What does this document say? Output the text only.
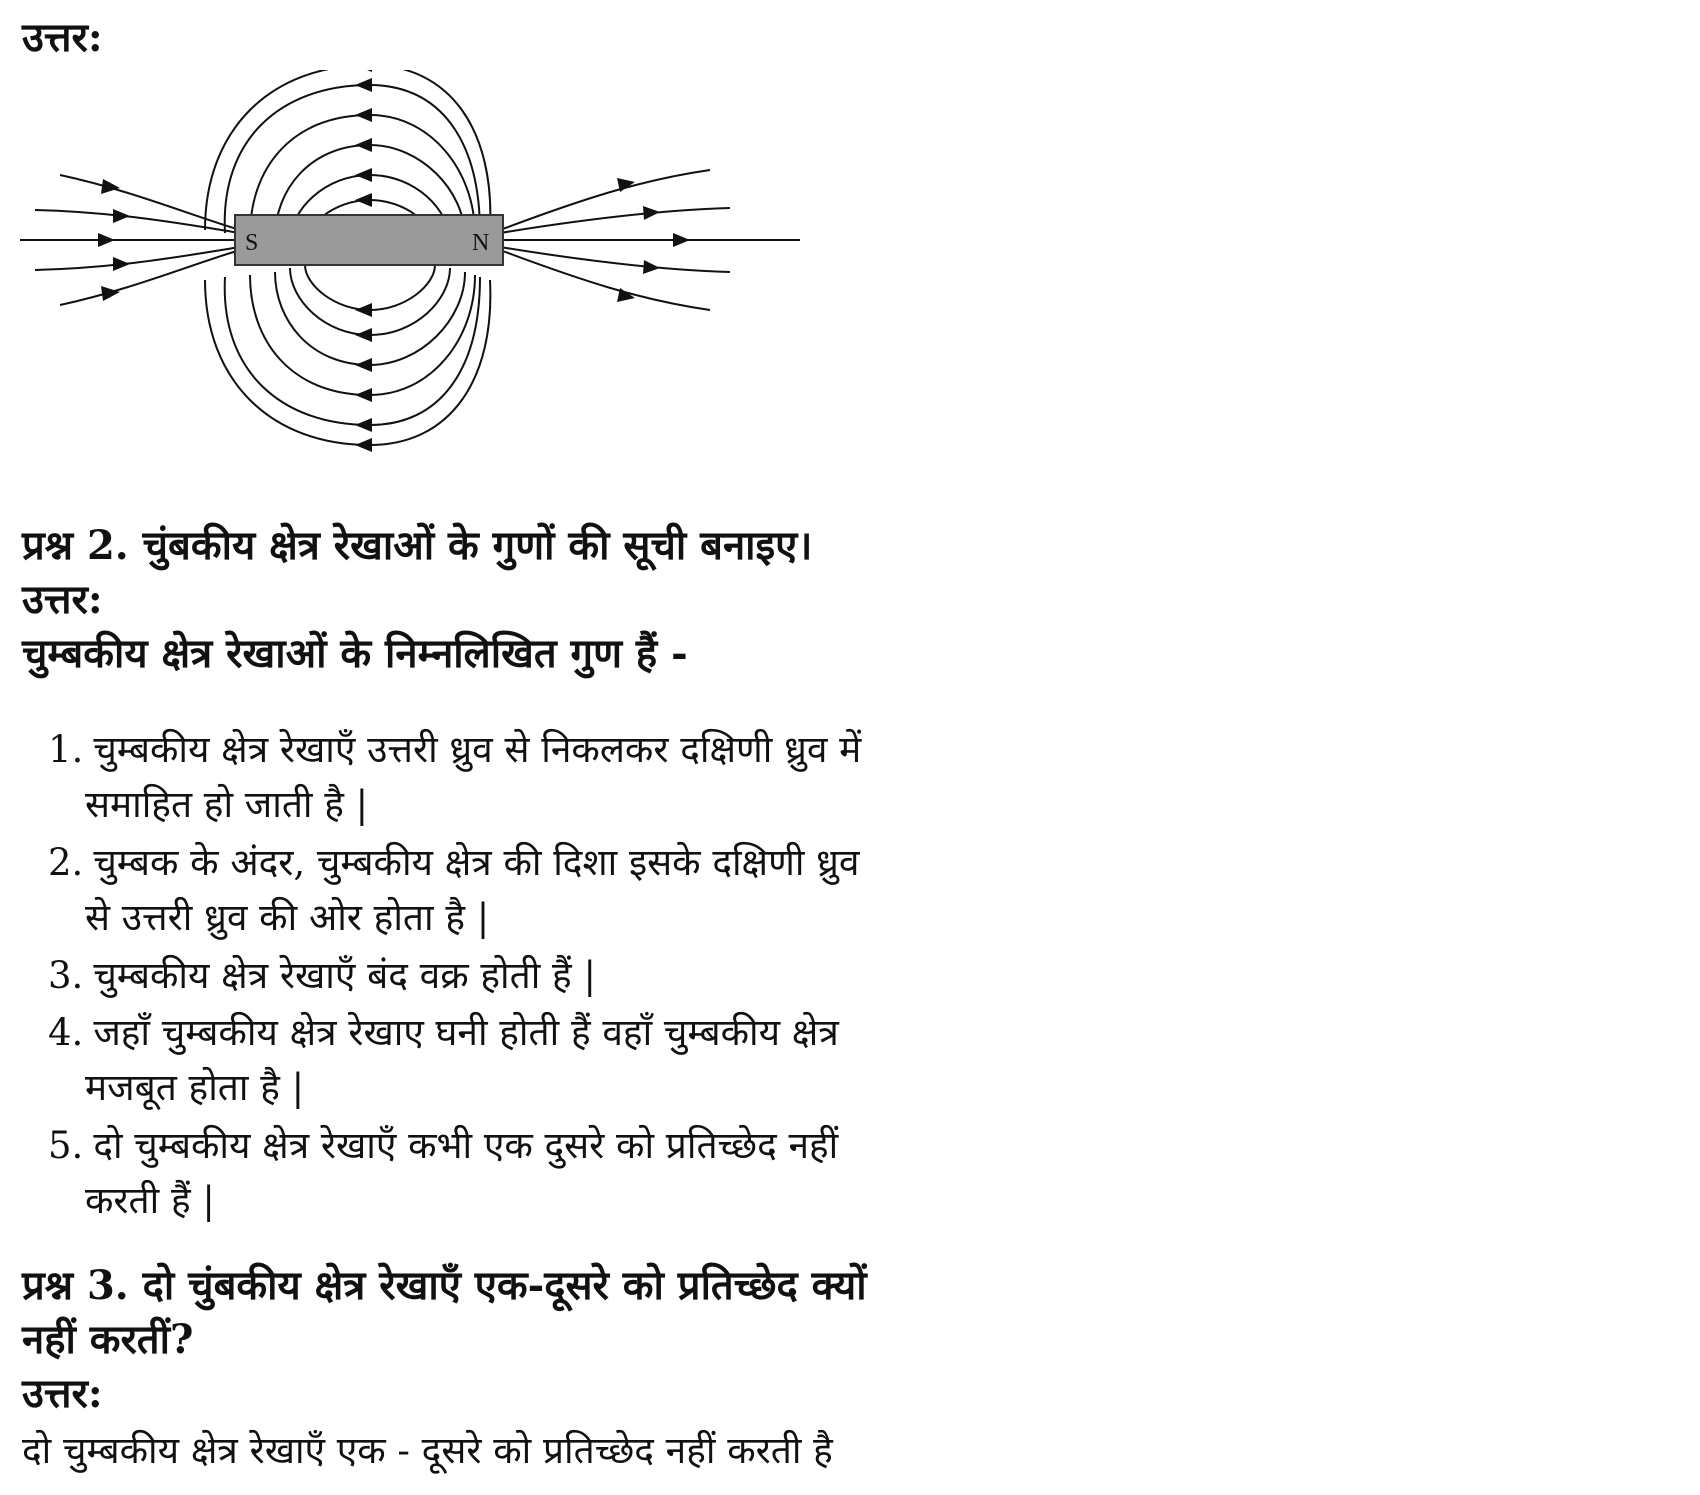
उत्तर:
S	N
प्रश्न 2. चुंबकीय क्षेत्र रेखाओं के गुणों की सूची बनाइए।
उत्तर:
चुम्बकीय क्षेत्र रेखाओं के निम्नलिखित गुण हैं -
1. चुम्बकीय क्षेत्र रेखाएँ उत्तरी ध्रुव से निकलकर दक्षिणी ध्रुव में
समाहित हो जाती है |
2. चुम्बक के अंदर, चुम्बकीय क्षेत्र की दिशा इसके दक्षिणी ध्रुव
से उत्तरी ध्रुव की ओर होता है |
3. चुम्बकीय क्षेत्र रेखाएँ बंद वक्र होती हैं |
4. जहाँ चुम्बकीय क्षेत्र रेखाए घनी होती हैं वहाँ चुम्बकीय क्षेत्र
मजबूत होता है |
5. दो चुम्बकीय क्षेत्र रेखाएँ कभी एक दुसरे को प्रतिच्छेद नहीं
करती हैं |
प्रश्न 3. दो चुंबकीय क्षेत्र रेखाएँ एक-दूसरे को प्रतिच्छेद क्यों
नहीं करतीं?
उत्तर:
दो चुम्बकीय क्षेत्र रेखाएँ एक - दूसरे को प्रतिच्छेद नहीं करती है
